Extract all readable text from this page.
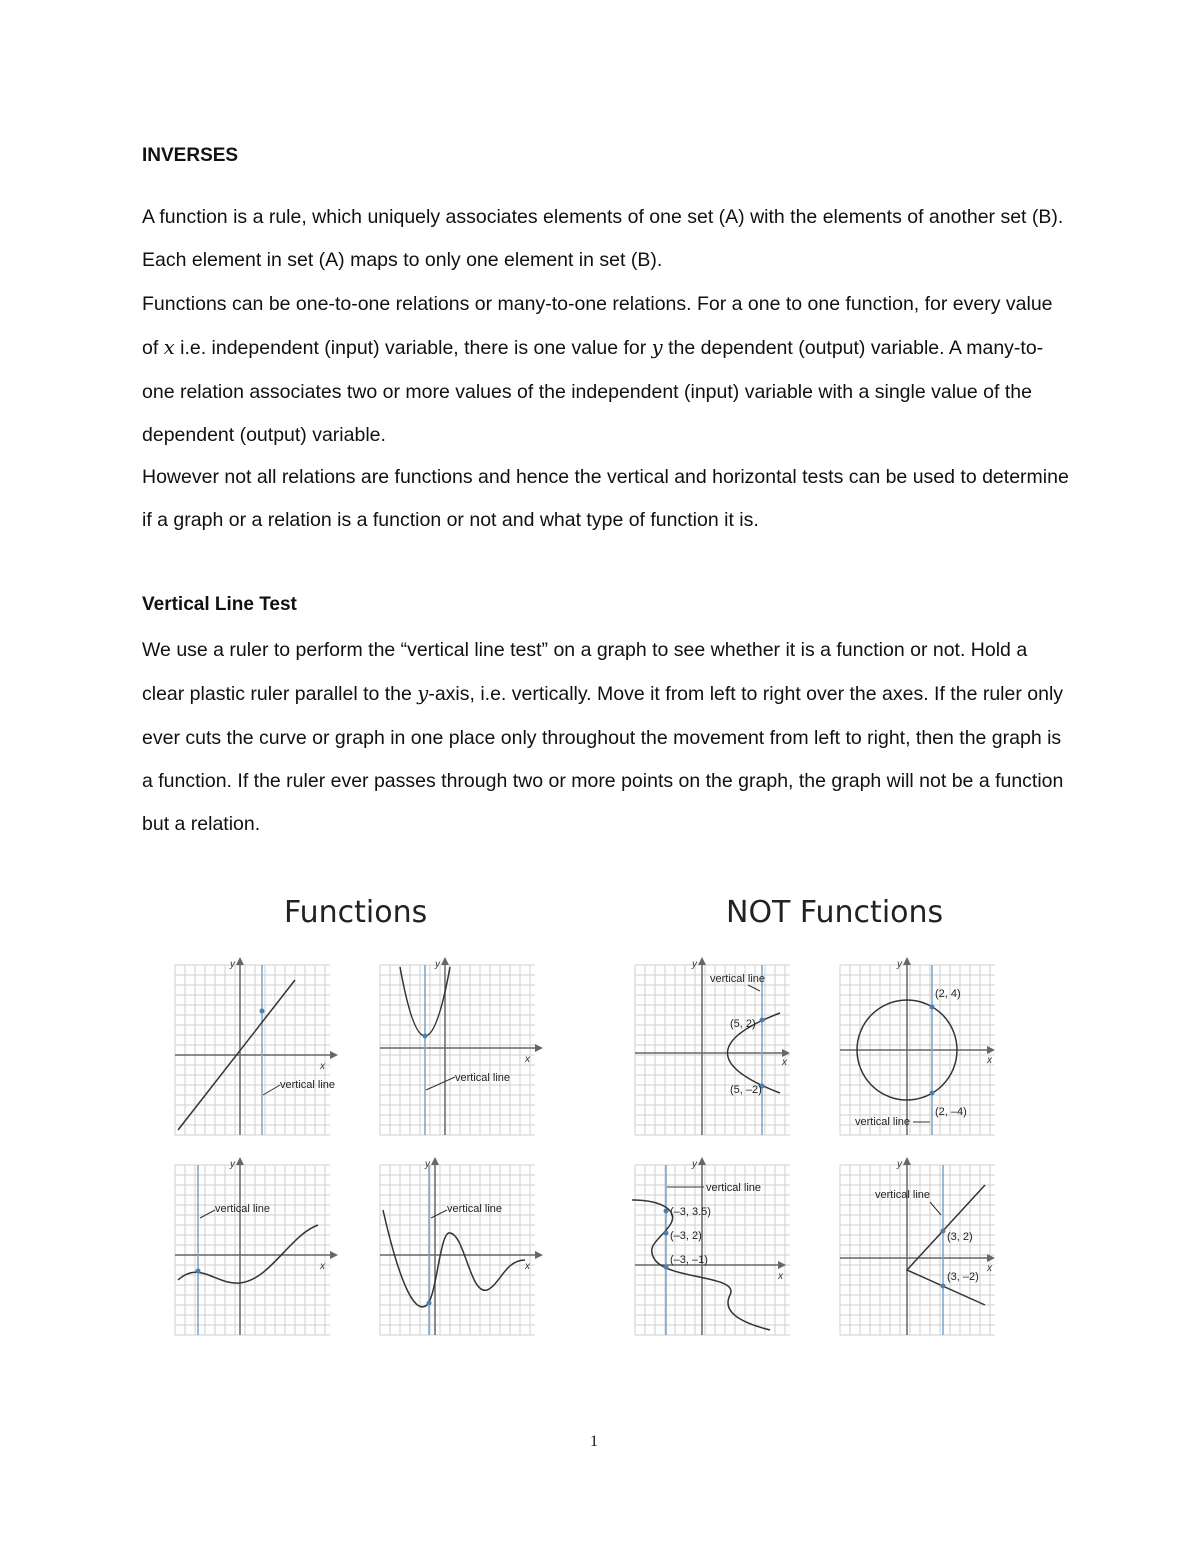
INVERSES

A function is a rule, which uniquely associates elements of one set (A) with the elements of another set (B). Each element in set (A) maps to only one element in set (B).

Functions can be one-to-one relations or many-to-one relations. For a one to one function, for every value of x i.e. independent (input) variable, there is one value for y the dependent (output) variable. A many-to-one relation associates two or more values of the independent (input) variable with a single value of the dependent (output) variable.

However not all relations are functions and hence the vertical and horizontal tests can be used to determine if a graph or a relation is a function or not and what type of function it is.

Vertical Line Test

We use a ruler to perform the “vertical line test” on a graph to see whether it is a function or not. Hold a clear plastic ruler parallel to the y-axis, i.e. vertically. Move it from left to right over the axes. If the ruler only ever cuts the curve or graph in one place only throughout the movement from left to right, then the graph is a function. If the ruler ever passes through two or more points on the graph, the graph will not be a function but a relation.

Functions	NOT Functions
x
y
vertical line
x
y
vertical line
x
y
vertical line
x
y
vertical line
x
y
vertical line
(5, 2)
(5, –2)
x
y
(2, 4)
(2, –4)
vertical line
x
y
vertical line
(–3, 3.5)
(–3, 2)
(–3, –1)
x
y
vertical line
(3, 2)
(3, –2)
1
